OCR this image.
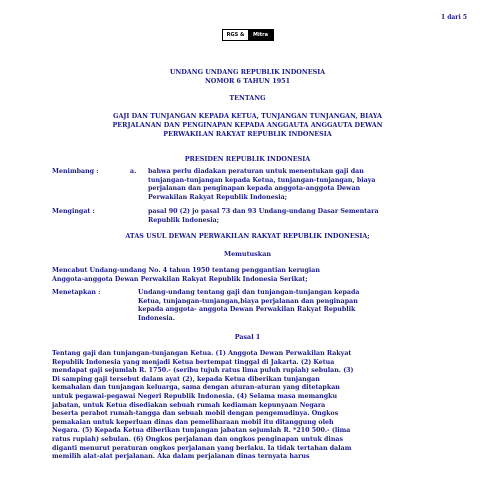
1 dari 5
RGS &	Mitra
UNDANG UNDANG REPUBLIK INDONESIA
NOMOR 6 TAHUN 1951
TENTANG
GAJI DAN TUNJANGAN KEPADA KETUA, TUNJANGAN TUNJANGAN, BIAYA
PERJALANAN DAN PENGINAPAN KEPADA ANGGAUTA ANGGAUTA DEWAN
PERWAKILAN RAKYAT REPUBLIK INDONESIA
PRESIDEN REPUBLIK INDONESIA
Menimbang :	a. bahwa perlu diadakan peraturan untuk menentukan gaji dan
tunjangan-tunjangan kepada Ketua, tunjangan-tunjangan, biaya
perjalanan dan penginapan kepada anggota-anggota Dewan
Perwakilan Rakyat Republik Indonesia;
Mengingat :	pasal 90 (2) jo pasal 73 dan 93 Undang-undang Dasar Sementara
Republik Indonesia;
ATAS USUL DEWAN PERWAKILAN RAKYAT REPUBLIK INDONESIA;
Memutuskan
Mencabut Undang-undang No. 4 tahun 1950 tentang penggantian kerugian
Anggota-anggota Dewan Perwakilan Rakyat Republik Indonesia Serikat;
Menetapkan :	Undang-undang tentang gaji dan tunjangan-tunjangan kepada
Ketua, tunjangan-tunjangan,biaya perjalanan dan penginapan
kepada anggota- anggota Dewan Perwakilan Rakyat Republik
Indonesia.
Pasal 1
Tentang gaji dan tunjangan-tunjangan Ketua. (1) Anggota Dewan Perwakilan Rakyat
Republik Indonesia yang menjadi Ketua bertempat tinggal di Jakarta. (2) Ketua
mendapat gaji sejumlah R. 1750.- (seribu tujuh ratus lima puluh rupiah) sebulan. (3)
Di samping gaji tersebut dalam ayat (2), kepada Ketua diberikan tunjangan
kemahalan dan tunjangan keluarga, sama dengan aturan-aturan yang ditetapkan
untuk pegawai-pegawai Negeri Republik Indonesia. (4) Selama masa memangku
jabatan, untuk Ketua disediakan sebuah rumah kediaman kepunyaan Negara
beserta perabot rumah-tangga dan sebuah mobil dengan pengemudinya. Ongkos
pemakaian untuk keperluan dinas dan pemeliharaan mobil itu ditanggung oleh
Negara. (5) Kepada Ketua diberikan tunjangan jabatan sejumlah R. *210 500.- (lima
ratus rupiah) sebulan. (6) Ongkos perjalanan dan ongkos penginapan untuk dinas
diganti menurut peraturan ongkos perjalanan yang berlaku. Ia tidak tertahan dalam
memilih alat-alat perjalanan. Aka dalam perjalanan dinas ternyata harus
